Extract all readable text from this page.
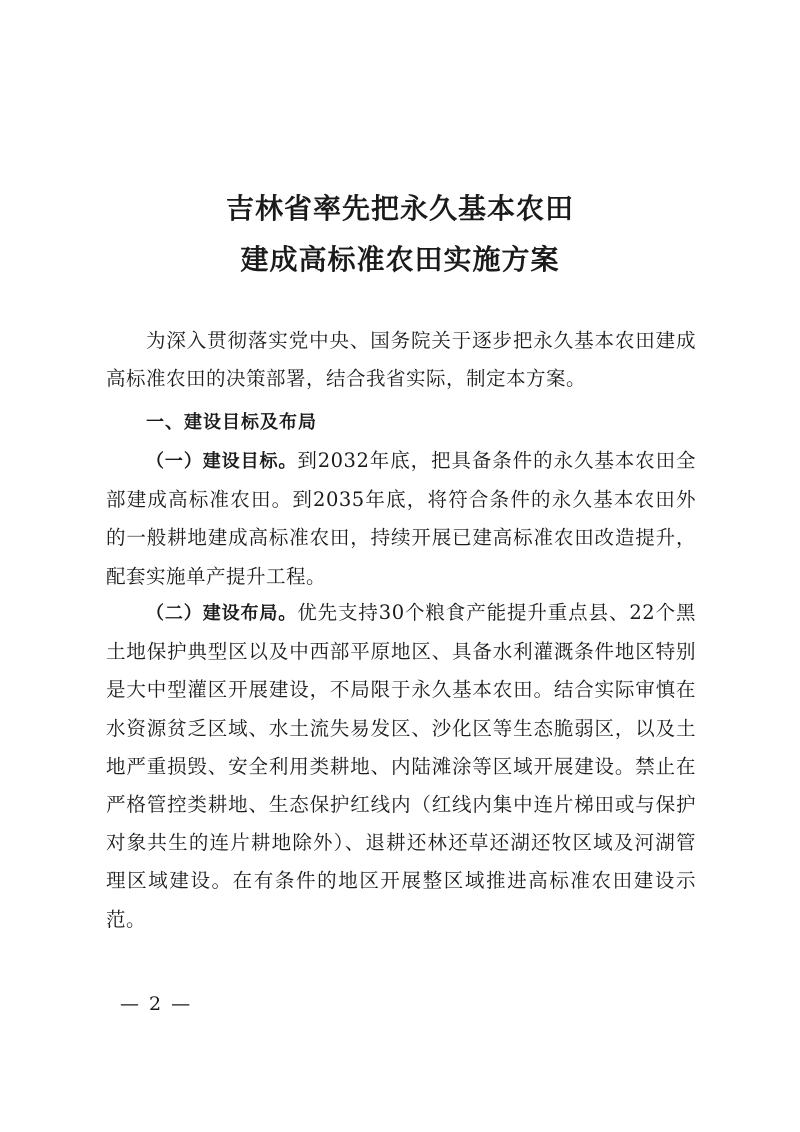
吉林省率先把永久基本农田
建成高标准农田实施方案
为深入贯彻落实党中央、国务院关于逐步把永久基本农田建成高标准农田的决策部署，结合我省实际，制定本方案。
一、建设目标及布局
（一）建设目标。到2032年底，把具备条件的永久基本农田全部建成高标准农田。到2035年底，将符合条件的永久基本农田外的一般耕地建成高标准农田，持续开展已建高标准农田改造提升，配套实施单产提升工程。
（二）建设布局。优先支持30个粮食产能提升重点县、22个黑土地保护典型区以及中西部平原地区、具备水利灌溉条件地区特别是大中型灌区开展建设，不局限于永久基本农田。结合实际审慎在水资源贫乏区域、水土流失易发区、沙化区等生态脆弱区，以及土地严重损毁、安全利用类耕地、内陆滩涂等区域开展建设。禁止在严格管控类耕地、生态保护红线内（红线内集中连片梯田或与保护对象共生的连片耕地除外）、退耕还林还草还湖还牧区域及河湖管理区域建设。在有条件的地区开展整区域推进高标准农田建设示范。
— 2 —
